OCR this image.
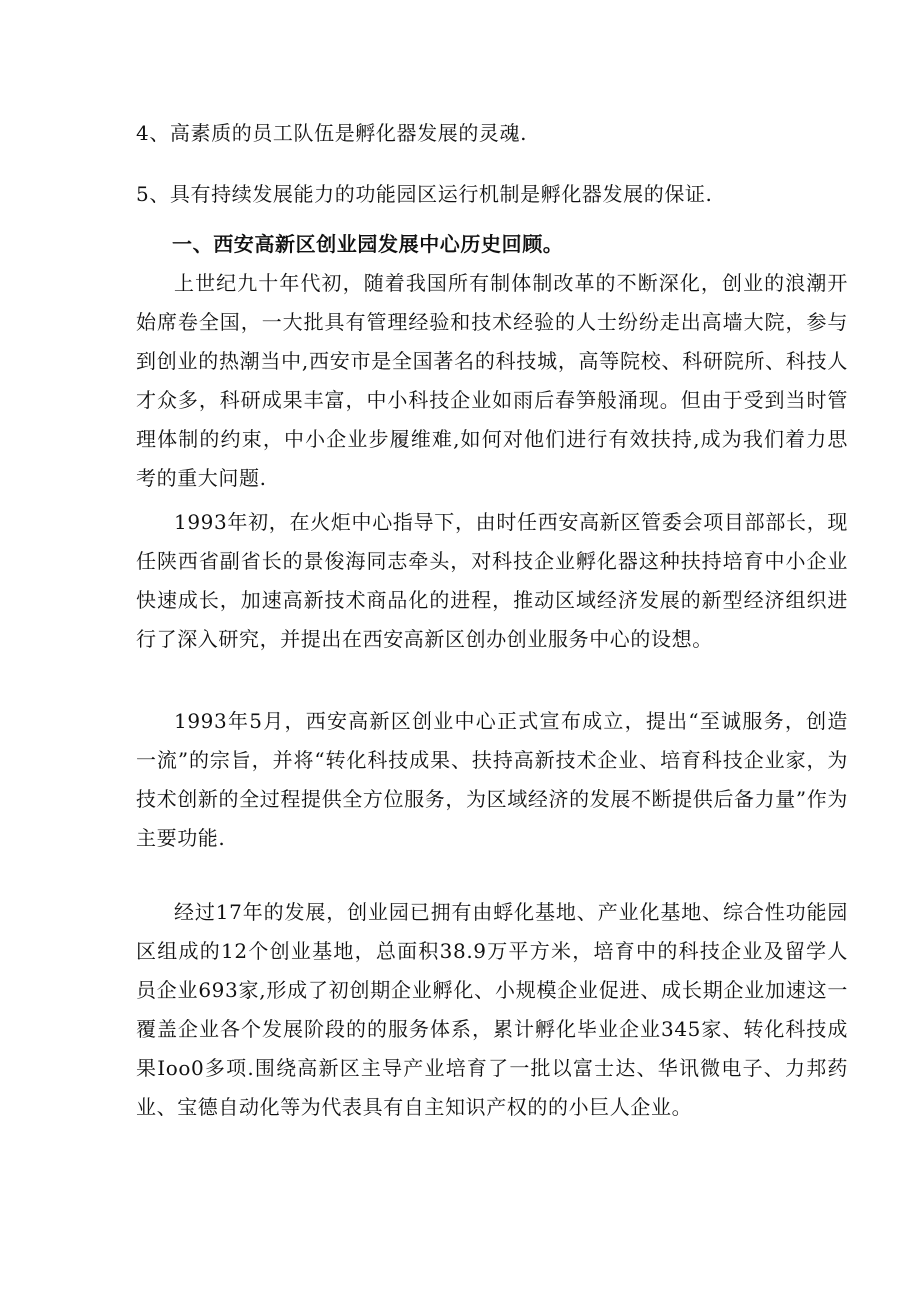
4、高素质的员工队伍是孵化器发展的灵魂.

5、具有持续发展能力的功能园区运行机制是孵化器发展的保证.

一、西安高新区创业园发展中心历史回顾。

上世纪九十年代初，随着我国所有制体制改革的不断深化，创业的浪潮开始席卷全国，一大批具有管理经验和技术经验的人士纷纷走出高墙大院，参与到创业的热潮当中,西安市是全国著名的科技城，高等院校、科研院所、科技人才众多，科研成果丰富，中小科技企业如雨后春笋般涌现。但由于受到当时管理体制的约束，中小企业步履维难,如何对他们进行有效扶持,成为我们着力思考的重大问题.

1993年初，在火炬中心指导下，由时任西安高新区管委会项目部部长，现任陕西省副省长的景俊海同志牵头，对科技企业孵化器这种扶持培育中小企业快速成长，加速高新技术商品化的进程，推动区域经济发展的新型经济组织进行了深入研究，并提出在西安高新区创办创业服务中心的设想。

1993年5月，西安高新区创业中心正式宣布成立，提出“至诚服务，创造一流”的宗旨，并将“转化科技成果、扶持高新技术企业、培育科技企业家，为技术创新的全过程提供全方位服务，为区域经济的发展不断提供后备力量”作为主要功能.

经过17年的发展，创业园已拥有由蜉化基地、产业化基地、综合性功能园区组成的12个创业基地，总面积38.9万平方米，培育中的科技企业及留学人员企业693家,形成了初创期企业孵化、小规模企业促进、成长期企业加速这一覆盖企业各个发展阶段的的服务体系，累计孵化毕业企业345家、转化科技成果Ioo0多项.围绕高新区主导产业培育了一批以富士达、华讯微电子、力邦药业、宝德自动化等为代表具有自主知识产权的的小巨人企业。
